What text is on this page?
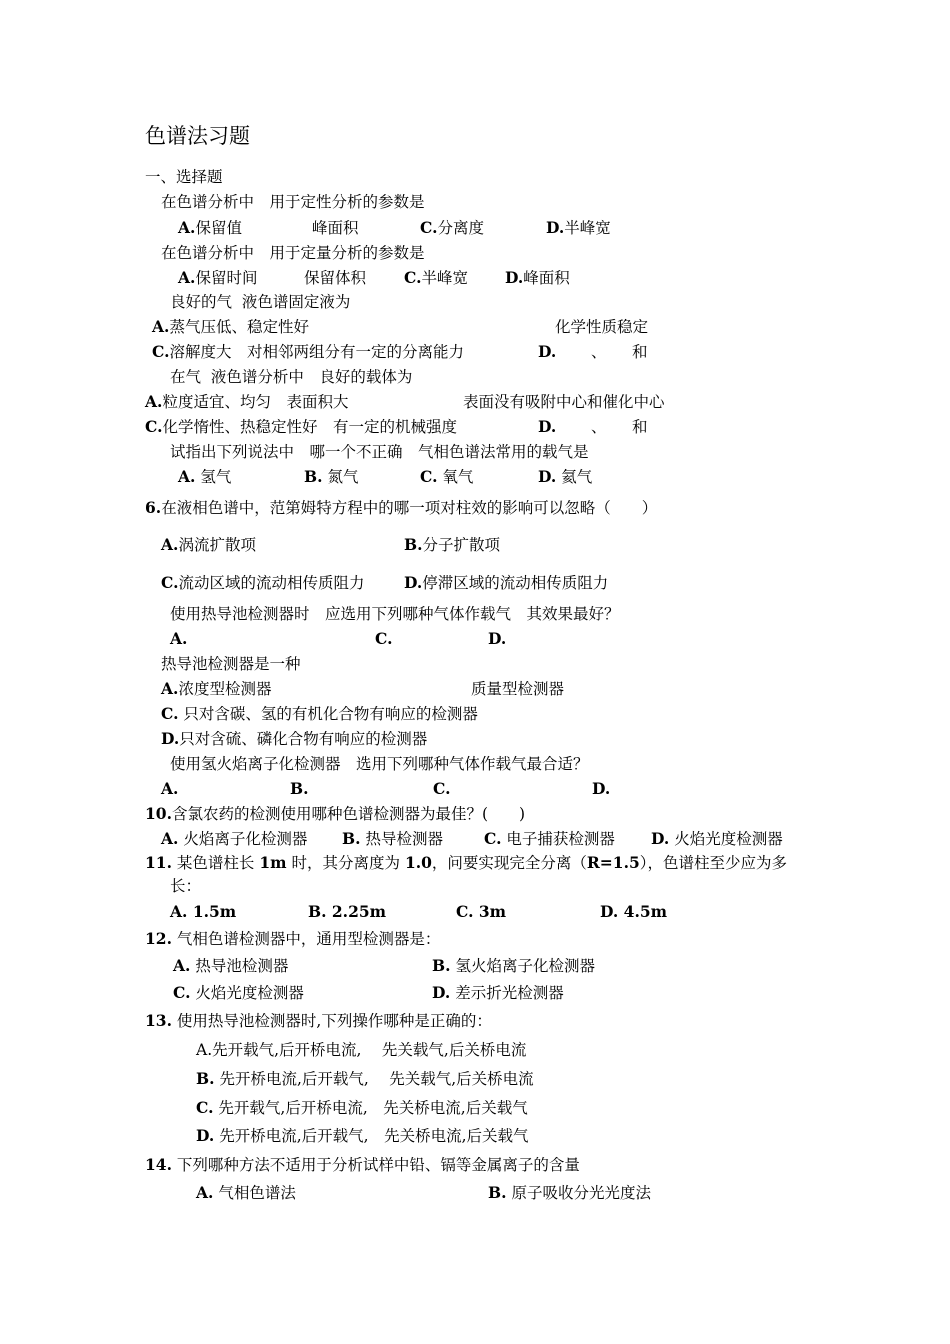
色谱法习题
一、选择题
在色谱分析中　用于定性分析的参数是
A.保留值	峰面积	C.分离度	D.半峰宽
在色谱分析中　用于定量分析的参数是
A.保留时间	保留体积 C.半峰宽 D.峰面积
良好的气  液色谱固定液为
A.蒸气压低、稳定性好	化学性质稳定
C.溶解度大　对相邻两组分有一定的分离能力	D. 、 和
在气  液色谱分析中　良好的载体为
A.粒度适宜、均匀　表面积大	表面没有吸附中心和催化中心
C.化学惰性、热稳定性好　有一定的机械强度	D. 、 和
试指出下列说法中　哪一个不正确　气相色谱法常用的载气是
A. 氢气	B. 氮气	C. 氧气	D. 氦气
6.在液相色谱中，范第姆特方程中的哪一项对柱效的影响可以忽略（　　）
A.涡流扩散项	B.分子扩散项
C.流动区域的流动相传质阻力	D.停滞区域的流动相传质阻力
使用热导池检测器时　应选用下列哪种气体作载气　其效果最好？
A.	C.	D.
热导池检测器是一种
A.浓度型检测器	质量型检测器
C. 只对含碳、氢的有机化合物有响应的检测器
D.只对含硫、磷化合物有响应的检测器
使用氢火焰离子化检测器　选用下列哪种气体作载气最合适？
A.	B.	C.	D.
10.含氯农药的检测使用哪种色谱检测器为最佳？(　　)
A. 火焰离子化检测器 B. 热导检测器	C. 电子捕获检测器 D. 火焰光度检测器
11. 某色谱柱长 1m 时，其分离度为 1.0，问要实现完全分离（R=1.5），色谱柱至少应为多
长：
A. 1.5m	B. 2.25m	C. 3m	D. 4.5m
12. 气相色谱检测器中，通用型检测器是：
A. 热导池检测器	B. 氢火焰离子化检测器
C. 火焰光度检测器	D. 差示折光检测器
13. 使用热导池检测器时,下列操作哪种是正确的：
A.先开载气,后开桥电流,　 先关载气,后关桥电流
B. 先开桥电流,后开载气,　 先关载气,后关桥电流
C. 先开载气,后开桥电流,　先关桥电流,后关载气
D. 先开桥电流,后开载气,　先关桥电流,后关载气
14. 下列哪种方法不适用于分析试样中铅、镉等金属离子的含量
A. 气相色谱法	B. 原子吸收分光光度法
